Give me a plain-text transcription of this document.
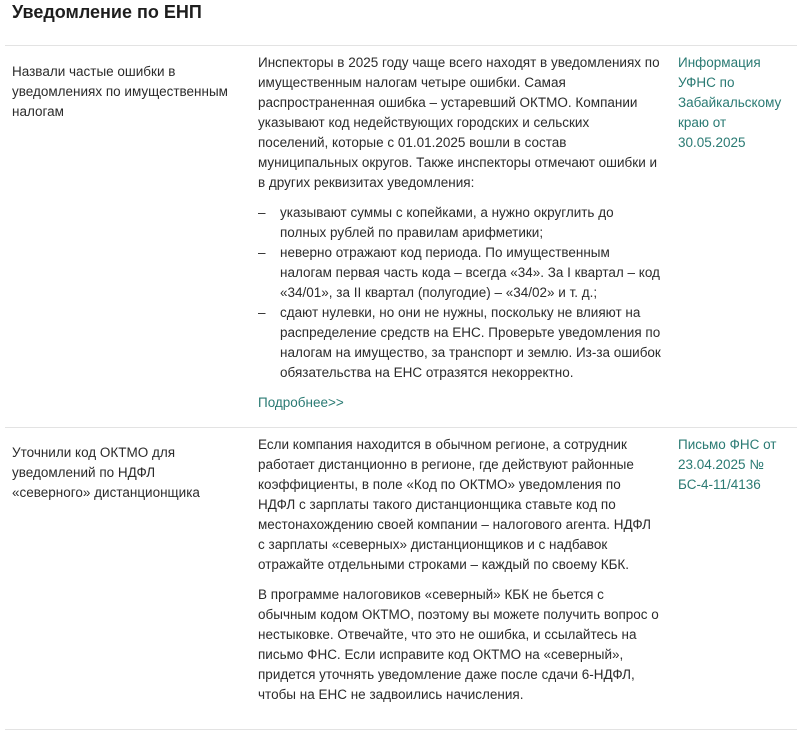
Уведомление по ЕНП
Назвали частые ошибки в уведомлениях по имущественным налогам

Инспекторы в 2025 году чаще всего находят в уведомлениях по имущественным налогам четыре ошибки. Самая распространенная ошибка – устаревший ОКТМО. Компании указывают код недействующих городских и сельских поселений, которые с 01.01.2025 вошли в состав муниципальных округов. Также инспекторы отмечают ошибки и в других реквизитах уведомления:

– указывают суммы с копейками, а нужно округлить до полных рублей по правилам арифметики;
– неверно отражают код периода. По имущественным налогам первая часть кода – всегда «34». За I квартал – код «34/01», за II квартал (полугодие) – «34/02» и т. д.;
– сдают нулевки, но они не нужны, поскольку не влияют на распределение средств на ЕНС. Проверьте уведомления по налогам на имущество, за транспорт и землю. Из-за ошибок обязательства на ЕНС отразятся некорректно.
Подробнее>>
Информация УФНС по Забайкальскому краю от 30.05.2025
Уточнили код ОКТМО для уведомлений по НДФЛ «северного» дистанционщика

Если компания находится в обычном регионе, а сотрудник работает дистанционно в регионе, где действуют районные коэффициенты, в поле «Код по ОКТМО» уведомления по НДФЛ с зарплаты такого дистанционщика ставьте код по местонахождению своей компании – налогового агента. НДФЛ с зарплаты «северных» дистанционщиков и с надбавок отражайте отдельными строками – каждый по своему КБК.

В программе налоговиков «северный» КБК не бьется с обычным кодом ОКТМО, поэтому вы можете получить вопрос о нестыковке. Отвечайте, что это не ошибка, и ссылайтесь на письмо ФНС. Если исправите код ОКТМО на «северный», придется уточнять уведомление даже после сдачи 6-НДФЛ, чтобы на ЕНС не задвоились начисления.

Письмо ФНС от 23.04.2025 № БС-4-11/4136
